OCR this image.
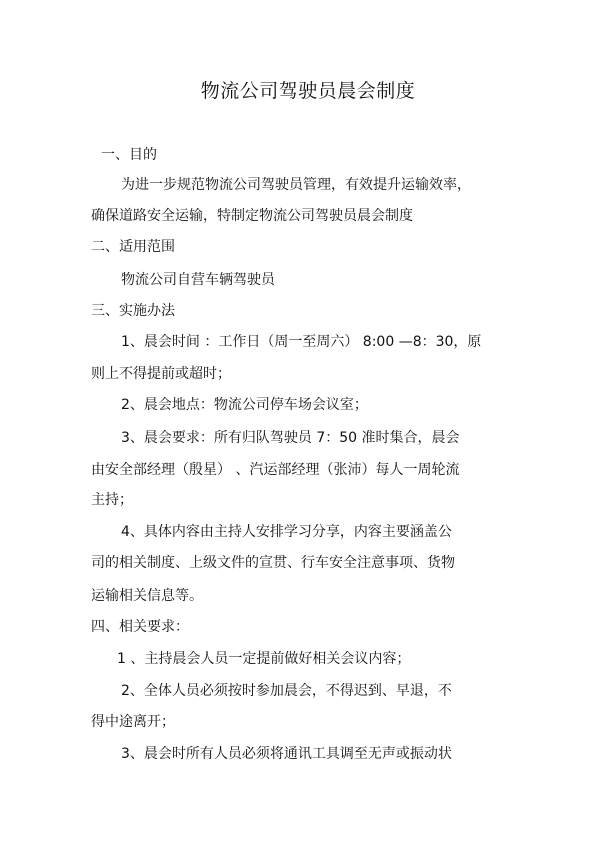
物流公司驾驶员晨会制度

一、目的

为进一步规范物流公司驾驶员管理，有效提升运输效率，

确保道路安全运输，特制定物流公司驾驶员晨会制度

二、适用范围

物流公司自营车辆驾驶员

三、实施办法

1、晨会时间 ：工作日（周一至周六） 8:00 —8：30，原

则上不得提前或超时；

2、晨会地点：物流公司停车场会议室；

3、晨会要求：所有归队驾驶员 7：50 准时集合，晨会

由安全部经理（殷星） 、汽运部经理（张沛）每人一周轮流

主持；

4、具体内容由主持人安排学习分享，内容主要涵盖公

司的相关制度、上级文件的宣贯、行车安全注意事项、货物

运输相关信息等。

四、相关要求：

1 、主持晨会人员一定提前做好相关会议内容；

2、全体人员必须按时参加晨会，不得迟到、早退，不

得中途离开；

3、晨会时所有人员必须将通讯工具调至无声或振动状
